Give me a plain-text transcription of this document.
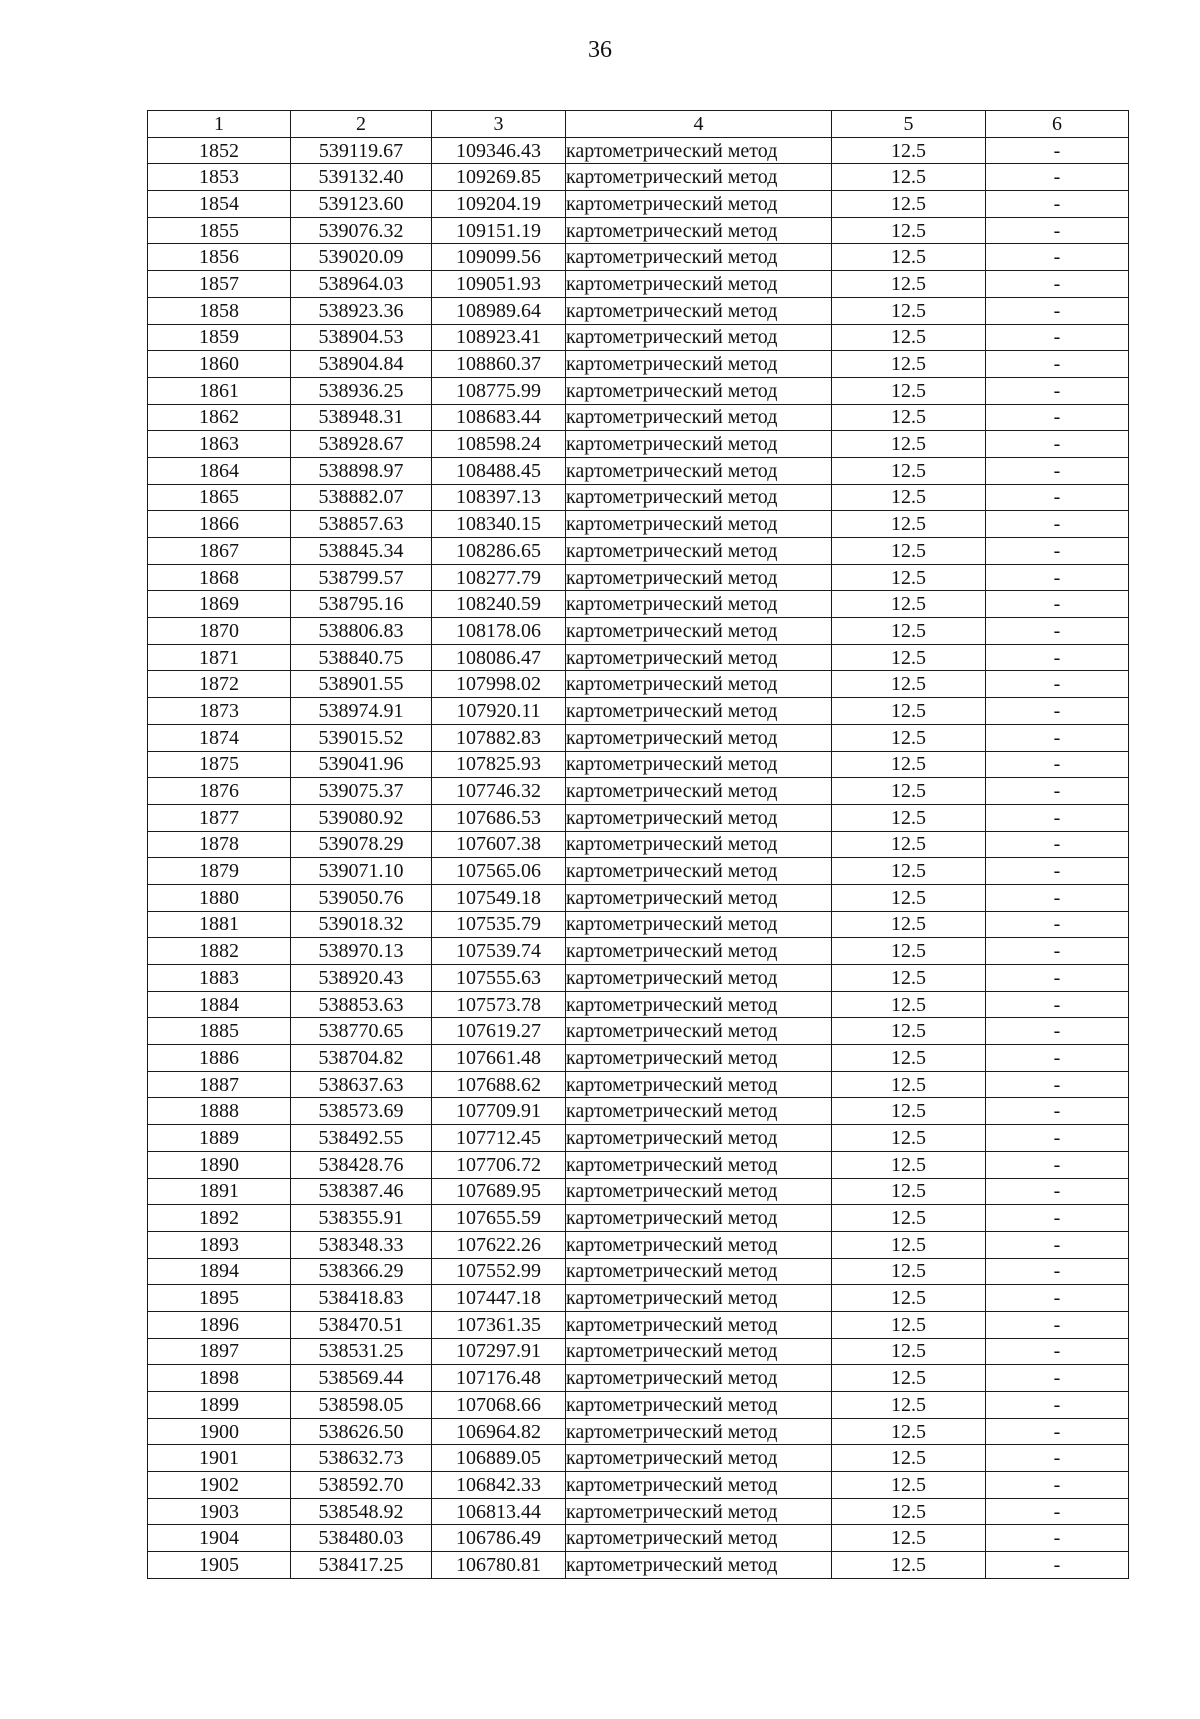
36
1	2	3	4	5	6
1852	539119.67	109346.43	картометрический метод	12.5	-
1853	539132.40	109269.85	картометрический метод	12.5	-
1854	539123.60	109204.19	картометрический метод	12.5	-
1855	539076.32	109151.19	картометрический метод	12.5	-
1856	539020.09	109099.56	картометрический метод	12.5	-
1857	538964.03	109051.93	картометрический метод	12.5	-
1858	538923.36	108989.64	картометрический метод	12.5	-
1859	538904.53	108923.41	картометрический метод	12.5	-
1860	538904.84	108860.37	картометрический метод	12.5	-
1861	538936.25	108775.99	картометрический метод	12.5	-
1862	538948.31	108683.44	картометрический метод	12.5	-
1863	538928.67	108598.24	картометрический метод	12.5	-
1864	538898.97	108488.45	картометрический метод	12.5	-
1865	538882.07	108397.13	картометрический метод	12.5	-
1866	538857.63	108340.15	картометрический метод	12.5	-
1867	538845.34	108286.65	картометрический метод	12.5	-
1868	538799.57	108277.79	картометрический метод	12.5	-
1869	538795.16	108240.59	картометрический метод	12.5	-
1870	538806.83	108178.06	картометрический метод	12.5	-
1871	538840.75	108086.47	картометрический метод	12.5	-
1872	538901.55	107998.02	картометрический метод	12.5	-
1873	538974.91	107920.11	картометрический метод	12.5	-
1874	539015.52	107882.83	картометрический метод	12.5	-
1875	539041.96	107825.93	картометрический метод	12.5	-
1876	539075.37	107746.32	картометрический метод	12.5	-
1877	539080.92	107686.53	картометрический метод	12.5	-
1878	539078.29	107607.38	картометрический метод	12.5	-
1879	539071.10	107565.06	картометрический метод	12.5	-
1880	539050.76	107549.18	картометрический метод	12.5	-
1881	539018.32	107535.79	картометрический метод	12.5	-
1882	538970.13	107539.74	картометрический метод	12.5	-
1883	538920.43	107555.63	картометрический метод	12.5	-
1884	538853.63	107573.78	картометрический метод	12.5	-
1885	538770.65	107619.27	картометрический метод	12.5	-
1886	538704.82	107661.48	картометрический метод	12.5	-
1887	538637.63	107688.62	картометрический метод	12.5	-
1888	538573.69	107709.91	картометрический метод	12.5	-
1889	538492.55	107712.45	картометрический метод	12.5	-
1890	538428.76	107706.72	картометрический метод	12.5	-
1891	538387.46	107689.95	картометрический метод	12.5	-
1892	538355.91	107655.59	картометрический метод	12.5	-
1893	538348.33	107622.26	картометрический метод	12.5	-
1894	538366.29	107552.99	картометрический метод	12.5	-
1895	538418.83	107447.18	картометрический метод	12.5	-
1896	538470.51	107361.35	картометрический метод	12.5	-
1897	538531.25	107297.91	картометрический метод	12.5	-
1898	538569.44	107176.48	картометрический метод	12.5	-
1899	538598.05	107068.66	картометрический метод	12.5	-
1900	538626.50	106964.82	картометрический метод	12.5	-
1901	538632.73	106889.05	картометрический метод	12.5	-
1902	538592.70	106842.33	картометрический метод	12.5	-
1903	538548.92	106813.44	картометрический метод	12.5	-
1904	538480.03	106786.49	картометрический метод	12.5	-
1905	538417.25	106780.81	картометрический метод	12.5	-
